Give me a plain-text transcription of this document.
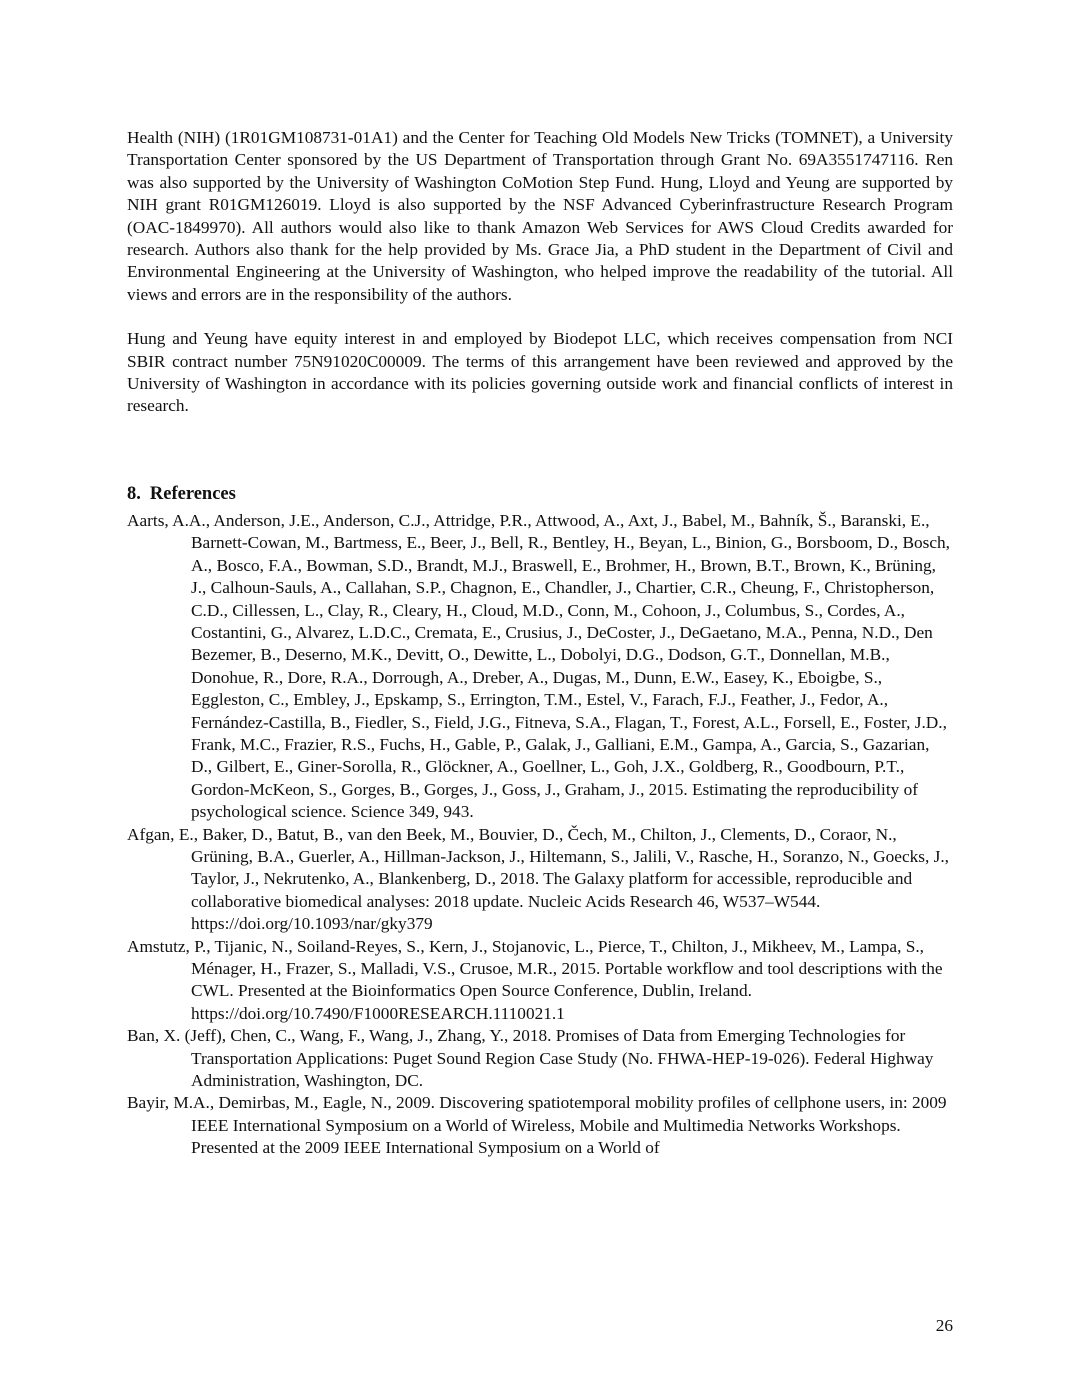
Health (NIH) (1R01GM108731-01A1) and the Center for Teaching Old Models New Tricks (TOMNET), a University Transportation Center sponsored by the US Department of Transportation through Grant No. 69A3551747116. Ren was also supported by the University of Washington CoMotion Step Fund. Hung, Lloyd and Yeung are supported by NIH grant R01GM126019. Lloyd is also supported by the NSF Advanced Cyberinfrastructure Research Program (OAC-1849970). All authors would also like to thank Amazon Web Services for AWS Cloud Credits awarded for research. Authors also thank for the help provided by Ms. Grace Jia, a PhD student in the Department of Civil and Environmental Engineering at the University of Washington, who helped improve the readability of the tutorial. All views and errors are in the responsibility of the authors.

Hung and Yeung have equity interest in and employed by Biodepot LLC, which receives compensation from NCI SBIR contract number 75N91020C00009. The terms of this arrangement have been reviewed and approved by the University of Washington in accordance with its policies governing outside work and financial conflicts of interest in research.

8. References
Aarts, A.A., Anderson, J.E., Anderson, C.J., Attridge, P.R., Attwood, A., Axt, J., Babel, M., Bahník, Š., Baranski, E., Barnett-Cowan, M., Bartmess, E., Beer, J., Bell, R., Bentley, H., Beyan, L., Binion, G., Borsboom, D., Bosch, A., Bosco, F.A., Bowman, S.D., Brandt, M.J., Braswell, E., Brohmer, H., Brown, B.T., Brown, K., Brüning, J., Calhoun-Sauls, A., Callahan, S.P., Chagnon, E., Chandler, J., Chartier, C.R., Cheung, F., Christopherson, C.D., Cillessen, L., Clay, R., Cleary, H., Cloud, M.D., Conn, M., Cohoon, J., Columbus, S., Cordes, A., Costantini, G., Alvarez, L.D.C., Cremata, E., Crusius, J., DeCoster, J., DeGaetano, M.A., Penna, N.D., Den Bezemer, B., Deserno, M.K., Devitt, O., Dewitte, L., Dobolyi, D.G., Dodson, G.T., Donnellan, M.B., Donohue, R., Dore, R.A., Dorrough, A., Dreber, A., Dugas, M., Dunn, E.W., Easey, K., Eboigbe, S., Eggleston, C., Embley, J., Epskamp, S., Errington, T.M., Estel, V., Farach, F.J., Feather, J., Fedor, A., Fernández-Castilla, B., Fiedler, S., Field, J.G., Fitneva, S.A., Flagan, T., Forest, A.L., Forsell, E., Foster, J.D., Frank, M.C., Frazier, R.S., Fuchs, H., Gable, P., Galak, J., Galliani, E.M., Gampa, A., Garcia, S., Gazarian, D., Gilbert, E., Giner-Sorolla, R., Glöckner, A., Goellner, L., Goh, J.X., Goldberg, R., Goodbourn, P.T., Gordon-McKeon, S., Gorges, B., Gorges, J., Goss, J., Graham, J., 2015. Estimating the reproducibility of psychological science. Science 349, 943.
Afgan, E., Baker, D., Batut, B., van den Beek, M., Bouvier, D., Čech, M., Chilton, J., Clements, D., Coraor, N., Grüning, B.A., Guerler, A., Hillman-Jackson, J., Hiltemann, S., Jalili, V., Rasche, H., Soranzo, N., Goecks, J., Taylor, J., Nekrutenko, A., Blankenberg, D., 2018. The Galaxy platform for accessible, reproducible and collaborative biomedical analyses: 2018 update. Nucleic Acids Research 46, W537–W544. https://doi.org/10.1093/nar/gky379
Amstutz, P., Tijanic, N., Soiland-Reyes, S., Kern, J., Stojanovic, L., Pierce, T., Chilton, J., Mikheev, M., Lampa, S., Ménager, H., Frazer, S., Malladi, V.S., Crusoe, M.R., 2015. Portable workflow and tool descriptions with the CWL. Presented at the Bioinformatics Open Source Conference, Dublin, Ireland. https://doi.org/10.7490/F1000RESEARCH.1110021.1
Ban, X. (Jeff), Chen, C., Wang, F., Wang, J., Zhang, Y., 2018. Promises of Data from Emerging Technologies for Transportation Applications: Puget Sound Region Case Study (No. FHWA-HEP-19-026). Federal Highway Administration, Washington, DC.
Bayir, M.A., Demirbas, M., Eagle, N., 2009. Discovering spatiotemporal mobility profiles of cellphone users, in: 2009 IEEE International Symposium on a World of Wireless, Mobile and Multimedia Networks Workshops. Presented at the 2009 IEEE International Symposium on a World of
26
